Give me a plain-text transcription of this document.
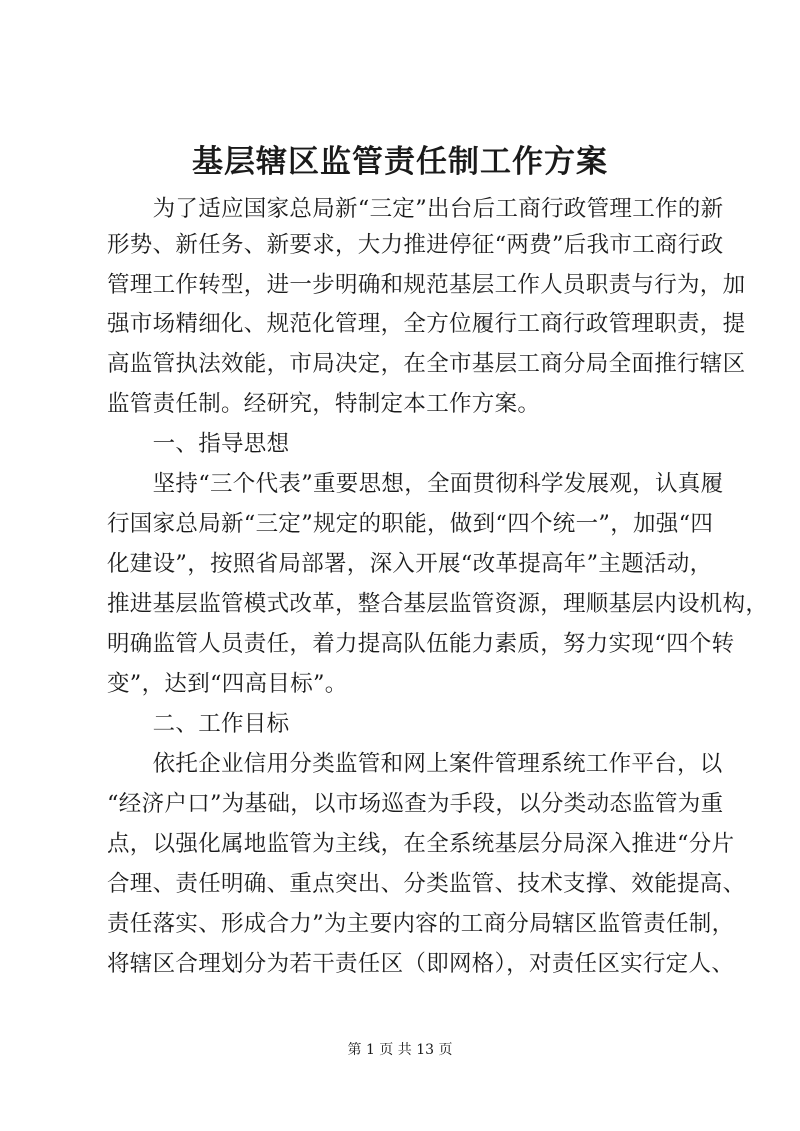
基层辖区监管责任制工作方案
　　为了适应国家总局新“三定”出台后工商行政管理工作的新
形势、新任务、新要求，大力推进停征“两费”后我市工商行政
管理工作转型，进一步明确和规范基层工作人员职责与行为，加
强市场精细化、规范化管理，全方位履行工商行政管理职责，提
高监管执法效能，市局决定，在全市基层工商分局全面推行辖区
监管责任制。经研究，特制定本工作方案。
　　一、指导思想
　　坚持“三个代表”重要思想，全面贯彻科学发展观，认真履
行国家总局新“三定”规定的职能，做到“四个统一”，加强“四
化建设”，按照省局部署，深入开展“改革提高年”主题活动，
推进基层监管模式改革，整合基层监管资源，理顺基层内设机构，
明确监管人员责任，着力提高队伍能力素质，努力实现“四个转
变”，达到“四高目标”。
　　二、工作目标
　　依托企业信用分类监管和网上案件管理系统工作平台，以
“经济户口”为基础，以市场巡查为手段，以分类动态监管为重
点，以强化属地监管为主线，在全系统基层分局深入推进“分片
合理、责任明确、重点突出、分类监管、技术支撑、效能提高、
责任落实、形成合力”为主要内容的工商分局辖区监管责任制，
将辖区合理划分为若干责任区（即网格），对责任区实行定人、
第 1 页 共 13 页
